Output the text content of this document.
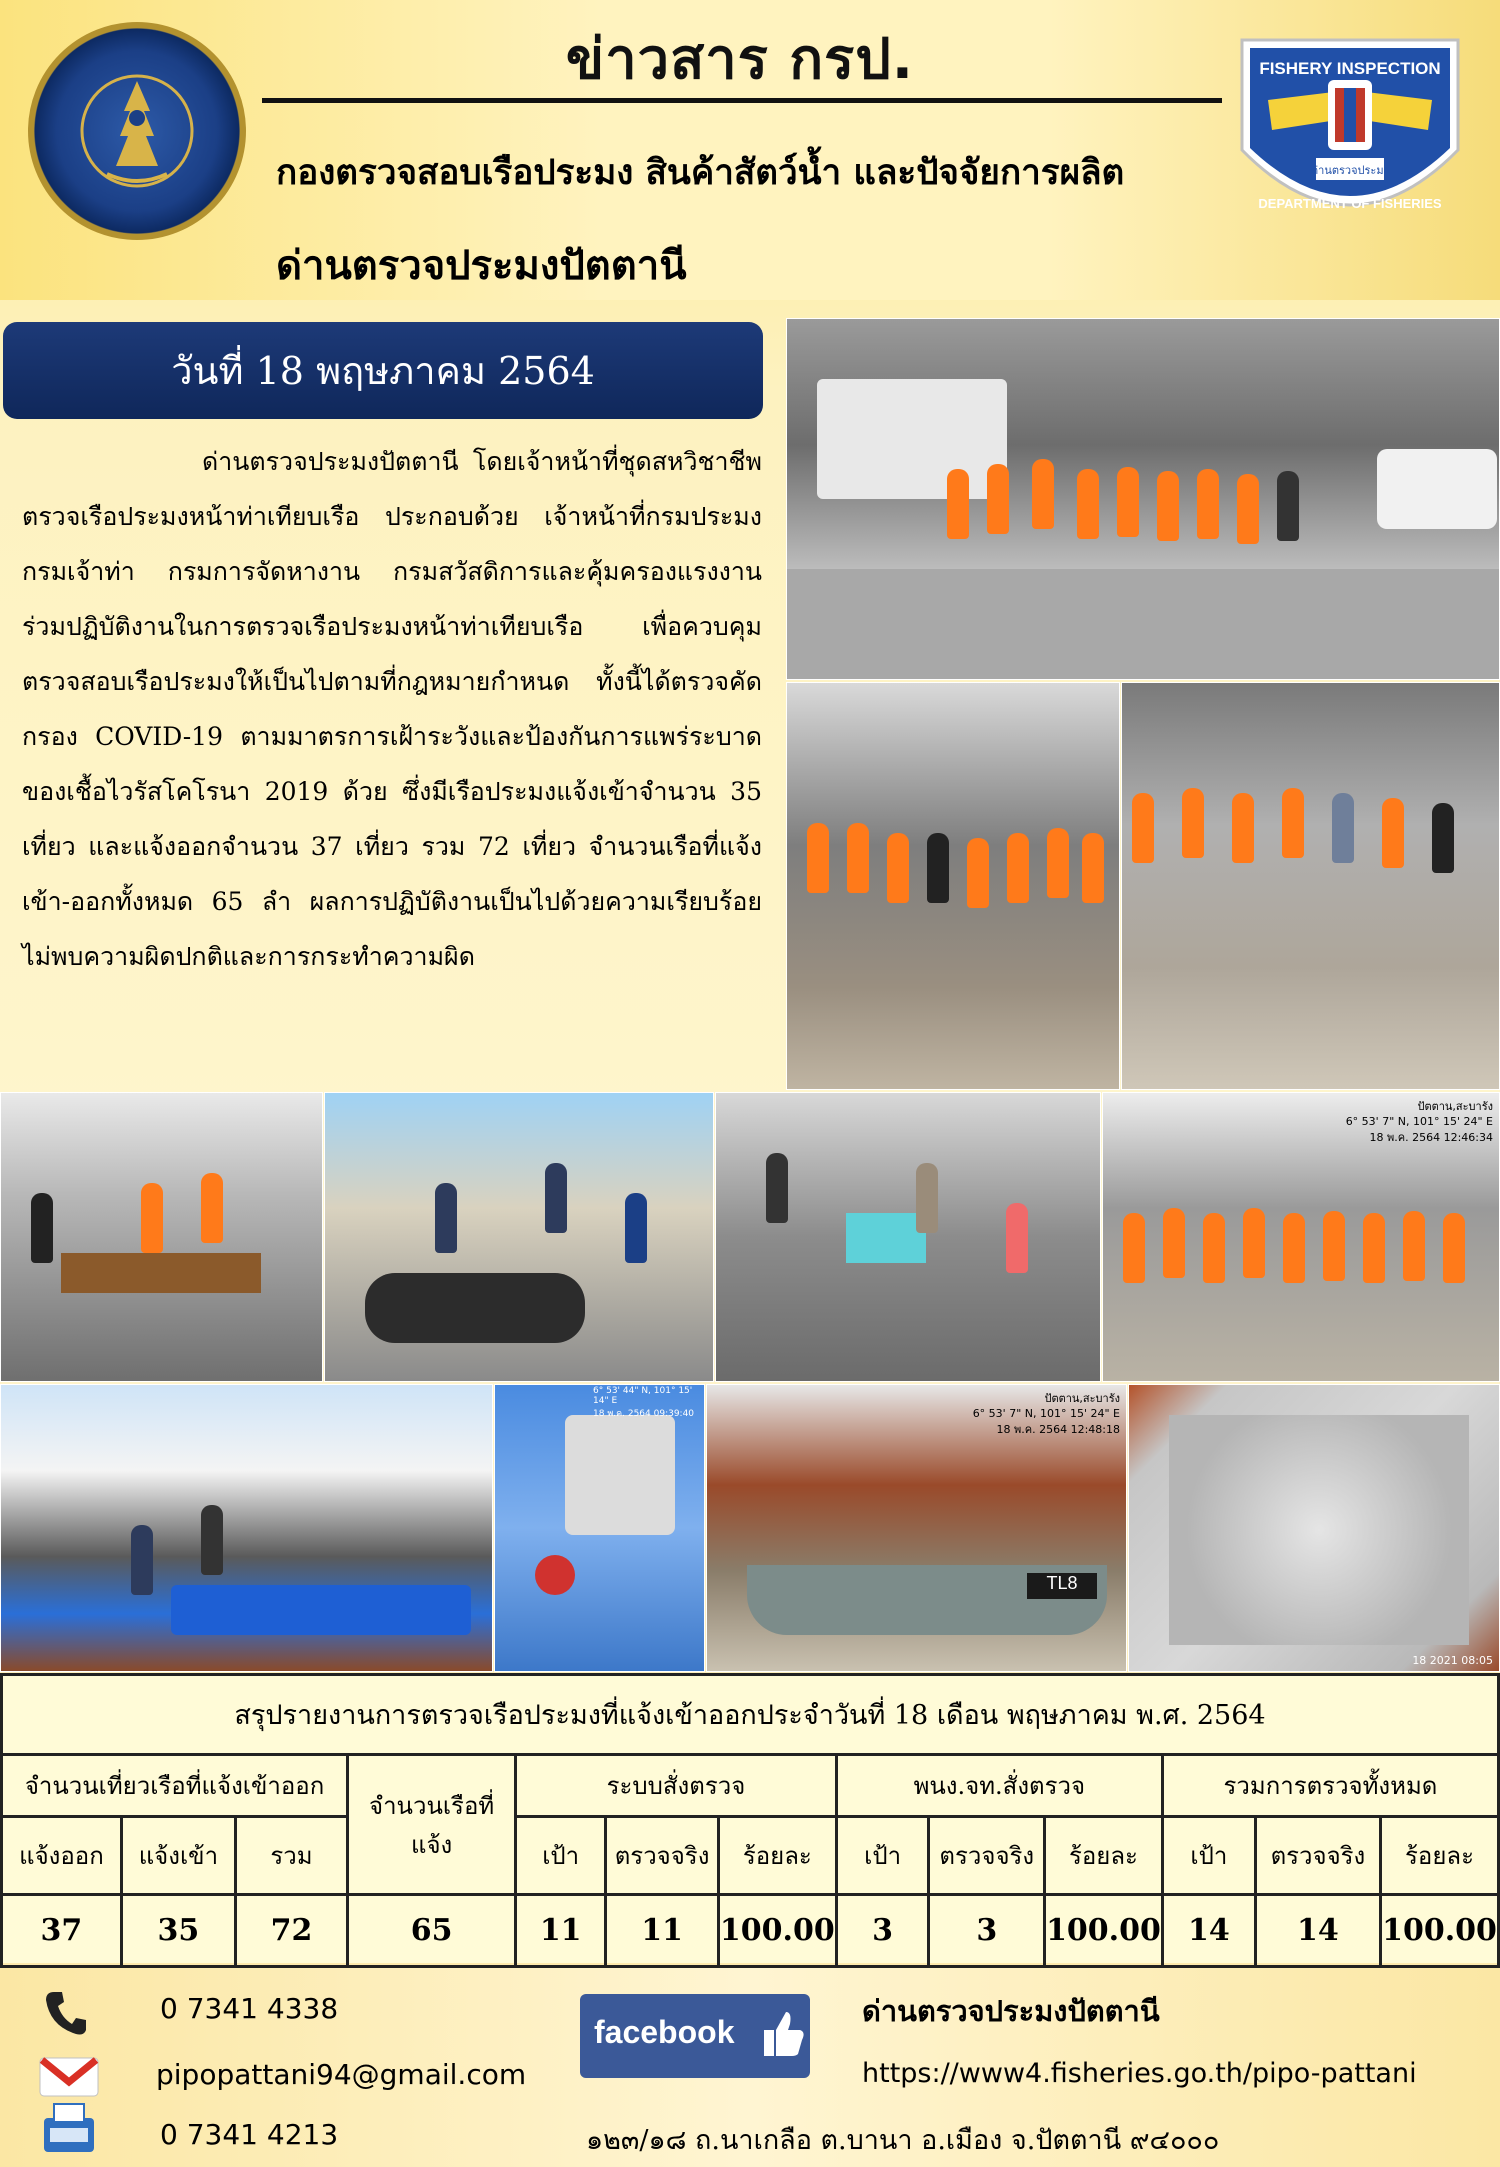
FISHERY INSPECTION
ด่านตรวจประมง
DEPARTMENT OF FISHERIES
ข่าวสาร กรป.
กองตรวจสอบเรือประมง สินค้าสัตว์น้ำ และปัจจัยการผลิต
ด่านตรวจประมงปัตตานี
วันที่ 18 พฤษภาคม 2564
ด่านตรวจประมงปัตตานี โดยเจ้าหน้าที่ชุดสหวิชาชีพตรวจเรือประมงหน้าท่าเทียบเรือ ประกอบด้วย เจ้าหน้าที่กรมประมง กรมเจ้าท่า กรมการจัดหางาน กรมสวัสดิการและคุ้มครองแรงงาน ร่วมปฏิบัติงานในการตรวจเรือประมงหน้าท่าเทียบเรือ เพื่อควบคุม ตรวจสอบเรือประมงให้เป็นไปตามที่กฎหมายกำหนด ทั้งนี้ได้ตรวจคัดกรอง COVID-19 ตามมาตรการเฝ้าระวังและป้องกันการแพร่ระบาดของเชื้อไวรัสโคโรนา 2019 ด้วย ซึ่งมีเรือประมงแจ้งเข้าจำนวน 35 เที่ยว และแจ้งออกจำนวน 37 เที่ยว รวม 72 เที่ยว จำนวนเรือที่แจ้งเข้า-ออกทั้งหมด 65 ลำ ผลการปฏิบัติงานเป็นไปด้วยความเรียบร้อย ไม่พบความผิดปกติและการกระทำความผิด
ปัตตาน,สะบารัง
6° 53' 7" N, 101° 15' 24" E
18 พ.ค. 2564 12:46:34
6° 53' 44" N, 101° 15' 14" E
18 พ.ค. 2564 09:39:40
TL8
ปัตตาน,สะบารัง
6° 53' 7" N, 101° 15' 24" E
18 พ.ค. 2564 12:48:18
18 2021 08:05
สรุปรายงานการตรวจเรือประมงที่แจ้งเข้าออกประจำวันที่ 18 เดือน พฤษภาคม พ.ศ. 2564												
จำนวนเที่ยวเรือที่แจ้งเข้าออก			จำนวนเรือที่แจ้ง	ระบบสั่งตรวจ			พนง.จท.สั่งตรวจ			รวมการตรวจทั้งหมด		
แจ้งออก	แจ้งเข้า	รวม		เป้า	ตรวจจริง	ร้อยละ	เป้า	ตรวจจริง	ร้อยละ	เป้า	ตรวจจริง	ร้อยละ
37	35	72	65	11	11	100.00	3	3	100.00	14	14	100.00
0 7341 4338
pipopattani94@gmail.com
0 7341 4213
facebook
ด่านตรวจประมงปัตตานี
https://www4.fisheries.go.th/pipo-pattani
๑๒๓/๑๘ ถ.นาเกลือ ต.บานา อ.เมือง จ.ปัตตานี ๙๔๐๐๐
